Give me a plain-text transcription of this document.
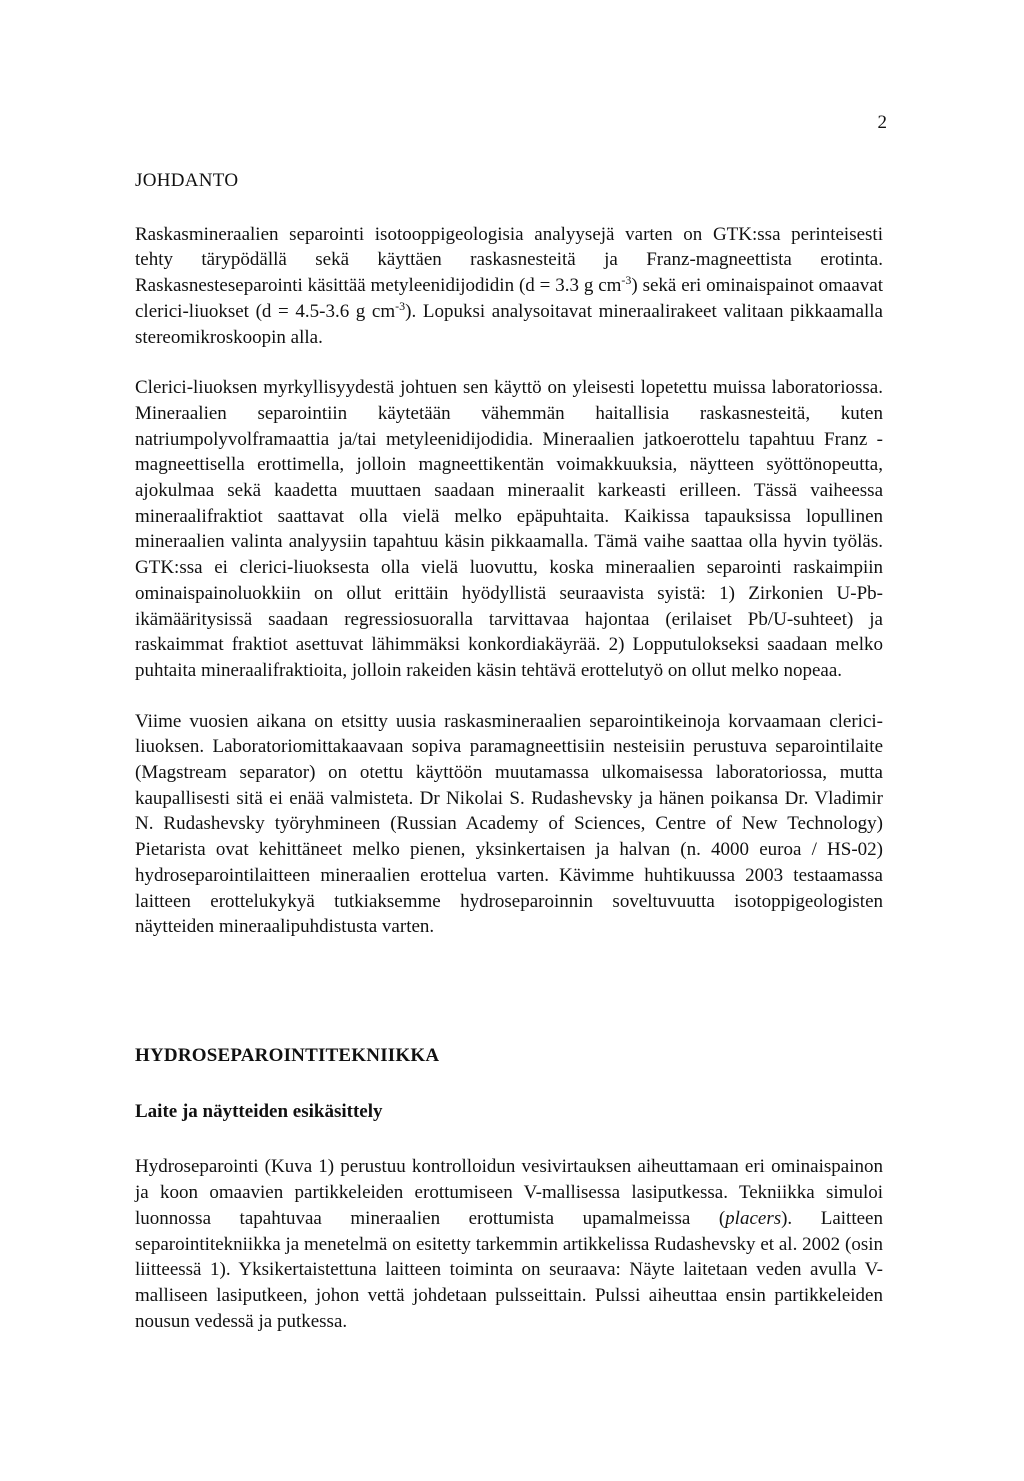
2
JOHDANTO

Raskasmineraalien separointi isotooppigeologisia analyysejä varten on GTK:ssa perinteisesti tehty tärypödällä sekä käyttäen raskasnesteitä ja Franz-magneettista erotinta. Raskasnesteseparointi käsittää metyleenidijodidin (d = 3.3 g $cm^{-3}$) sekä eri ominaispainot omaavat clerici-liuokset (d = 4.5-3.6 g $cm^{-3}$). Lopuksi analysoitavat mineraalirakeet valitaan pikkaamalla stereomikroskoopin alla.

Clerici-liuoksen myrkyllisyydestä johtuen sen käyttö on yleisesti lopetettu muissa laboratoriossa. Mineraalien separointiin käytetään vähemmän haitallisia raskasnesteitä, kuten natriumpolyvolframaattia ja/tai metyleenidijodidia. Mineraalien jatkoerottelu tapahtuu Franz -magneettisella erottimella, jolloin magneettikentän voimakkuuksia, näytteen syöttönopeutta, ajokulmaa sekä kaadetta muuttaen saadaan mineraalit karkeasti erilleen. Tässä vaiheessa mineraalifraktiot saattavat olla vielä melko epäpuhtaita. Kaikissa tapauksissa lopullinen mineraalien valinta analyysiin tapahtuu käsin pikkaamalla. Tämä vaihe saattaa olla hyvin työläs. GTK:ssa ei clerici-liuoksesta olla vielä luovuttu, koska mineraalien separointi raskaimpiin ominaispainoluokkiin on ollut erittäin hyödyllistä seuraavista syistä: 1) Zirkonien U-Pb-ikämääritysissä saadaan regressiosuoralla tarvittavaa hajontaa (erilaiset Pb/U-suhteet) ja raskaimmat fraktiot asettuvat lähimmäksi konkordiakäyrää. 2) Lopputulokseksi saadaan melko puhtaita mineraalifraktioita, jolloin rakeiden käsin tehtävä erottelutyö on ollut melko nopeaa.

Viime vuosien aikana on etsitty uusia raskasmineraalien separointikeinoja korvaamaan clerici-liuoksen. Laboratoriomittakaavaan sopiva paramagneettisiin nesteisiin perustuva separointilaite (Magstream separator) on otettu käyttöön muutamassa ulkomaisessa laboratoriossa, mutta kaupallisesti sitä ei enää valmisteta. Dr Nikolai S. Rudashevsky ja hänen poikansa Dr. Vladimir N. Rudashevsky työryhmineen (Russian Academy of Sciences, Centre of New Technology) Pietarista ovat kehittäneet melko pienen, yksinkertaisen ja halvan (n. 4000 euroa / HS-02) hydroseparointilaitteen mineraalien erottelua varten. Kävimme huhtikuussa 2003 testaamassa laitteen erottelukykyä tutkiaksemme hydroseparoinnin soveltuvuutta isotoppigeologisten näytteiden mineraalipuhdistusta varten.

HYDROSEPAROINTITEKNIIKKA
Laite ja näytteiden esikäsittely

Hydroseparointi (Kuva 1) perustuu kontrolloidun vesivirtauksen aiheuttamaan eri ominaispainon ja koon omaavien partikkeleiden erottumiseen V-mallisessa lasiputkessa. Tekniikka simuloi luonnossa tapahtuvaa mineraalien erottumista upamalmeissa (placers). Laitteen separointitekniikka ja menetelmä on esitetty tarkemmin artikkelissa Rudashevsky et al. 2002 (osin liitteessä 1). Yksikertaistettuna laitteen toiminta on seuraava: Näyte laitetaan veden avulla V-malliseen lasiputkeen, johon vettä johdetaan pulsseittain. Pulssi aiheuttaa ensin partikkeleiden nousun vedessä ja putkessa.
